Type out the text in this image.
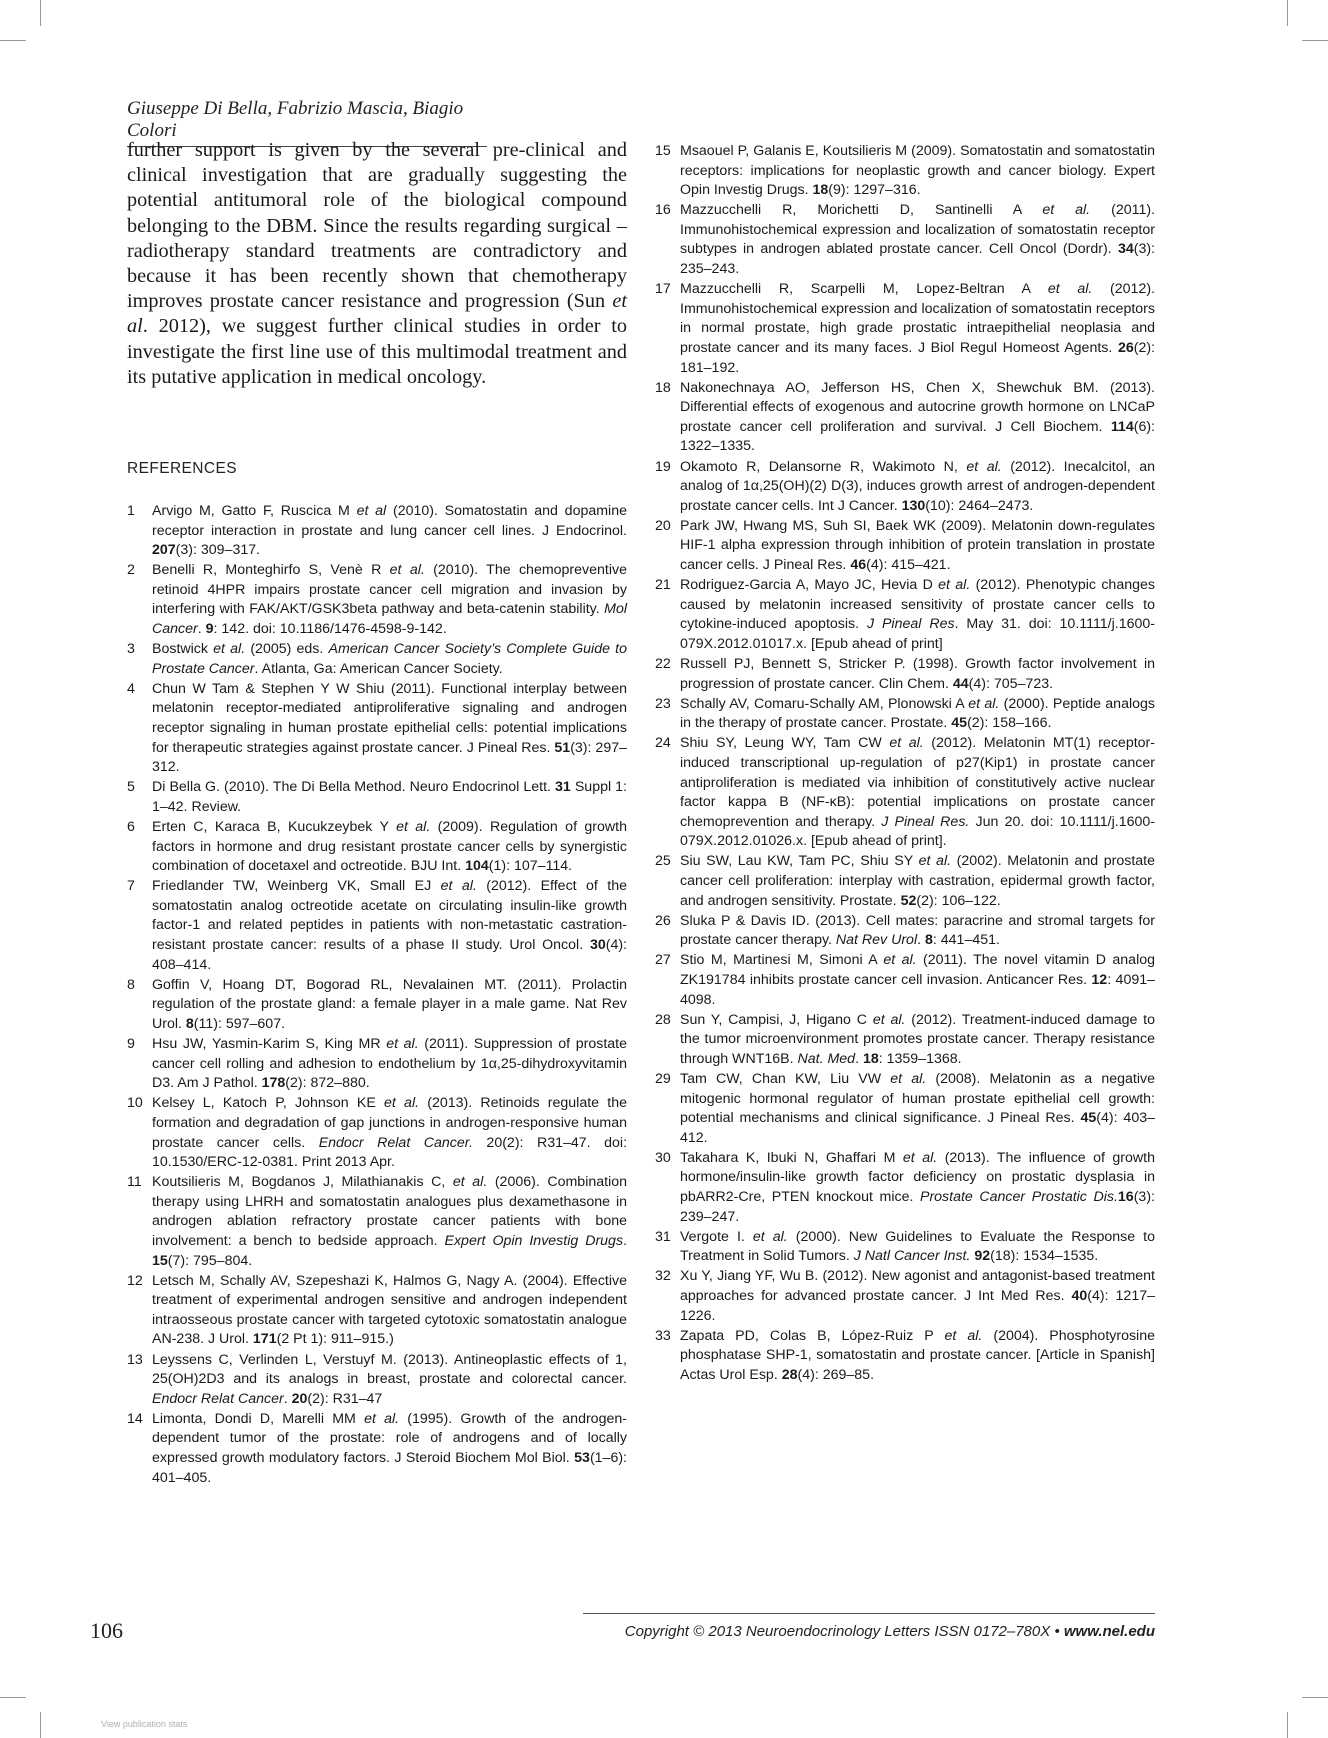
Giuseppe Di Bella, Fabrizio Mascia, Biagio Colori

further support is given by the several pre-clinical and clinical investigation that are gradually suggesting the potential antitumoral role of the biological compound belonging to the DBM. Since the results regarding surgical – radiotherapy standard treatments are contradictory and because it has been recently shown that chemotherapy improves prostate cancer resistance and progression (Sun et al. 2012), we suggest further clinical studies in order to investigate the first line use of this multimodal treatment and its putative application in medical oncology.

REFERENCES
1	Arvigo M, Gatto F, Ruscica M et al (2010). Somatostatin and dopamine receptor interaction in prostate and lung cancer cell lines. J Endocrinol. 207(3): 309–317.
2	Benelli R, Monteghirfo S, Venè R et al. (2010). The chemopreventive retinoid 4HPR impairs prostate cancer cell migration and invasion by interfering with FAK/AKT/GSK3beta pathway and beta-catenin stability. Mol Cancer. 9: 142. doi: 10.1186/1476-4598-9-142.
3	Bostwick et al. (2005) eds. American Cancer Society’s Complete Guide to Prostate Cancer. Atlanta, Ga: American Cancer Society.
4	Chun W Tam & Stephen Y W Shiu (2011). Functional interplay between melatonin receptor-mediated antiproliferative signaling and androgen receptor signaling in human prostate epithelial cells: potential implications for therapeutic strategies against prostate cancer. J Pineal Res. 51(3): 297–312.
5	Di Bella G. (2010). The Di Bella Method. Neuro Endocrinol Lett. 31 Suppl 1: 1–42. Review.
6	Erten C, Karaca B, Kucukzeybek Y et al. (2009). Regulation of growth factors in hormone and drug resistant prostate cancer cells by synergistic combination of docetaxel and octreotide. BJU Int. 104(1): 107–114.
7	Friedlander TW, Weinberg VK, Small EJ et al. (2012). Effect of the somatostatin analog octreotide acetate on circulating insulin-like growth factor-1 and related peptides in patients with non-metastatic castration-resistant prostate cancer: results of a phase II study. Urol Oncol. 30(4): 408–414.
8	Goffin V, Hoang DT, Bogorad RL, Nevalainen MT. (2011). Prolactin regulation of the prostate gland: a female player in a male game. Nat Rev Urol. 8(11): 597–607.
9	Hsu JW, Yasmin-Karim S, King MR et al. (2011). Suppression of prostate cancer cell rolling and adhesion to endothelium by 1α,25-dihydroxyvitamin D3. Am J Pathol. 178(2): 872–880.
10 Kelsey L, Katoch P, Johnson KE et al. (2013). Retinoids regulate the formation and degradation of gap junctions in androgen-responsive human prostate cancer cells. Endocr Relat Cancer. 20(2): R31–47. doi: 10.1530/ERC-12-0381. Print 2013 Apr.
11 Koutsilieris M, Bogdanos J, Milathianakis C, et al. (2006). Combination therapy using LHRH and somatostatin analogues plus dexamethasone in androgen ablation refractory prostate cancer patients with bone involvement: a bench to bedside approach. Expert Opin Investig Drugs. 15(7): 795–804.
12 Letsch M, Schally AV, Szepeshazi K, Halmos G, Nagy A. (2004). Effective treatment of experimental androgen sensitive and androgen independent intraosseous prostate cancer with targeted cytotoxic somatostatin analogue AN-238. J Urol. 171(2 Pt 1): 911–915.)
13 Leyssens C, Verlinden L, Verstuyf M. (2013). Antineoplastic effects of 1, 25(OH)2D3 and its analogs in breast, prostate and colorectal cancer. Endocr Relat Cancer. 20(2): R31–47
14 Limonta, Dondi D, Marelli MM et al. (1995). Growth of the androgen-dependent tumor of the prostate: role of androgens and of locally expressed growth modulatory factors. J Steroid Biochem Mol Biol. 53(1–6): 401–405.
15 Msaouel P, Galanis E, Koutsilieris M (2009). Somatostatin and somatostatin receptors: implications for neoplastic growth and cancer biology. Expert Opin Investig Drugs. 18(9): 1297–316.
16 Mazzucchelli R, Morichetti D, Santinelli A et al. (2011). Immunohistochemical expression and localization of somatostatin receptor subtypes in androgen ablated prostate cancer. Cell Oncol (Dordr). 34(3): 235–243.
17 Mazzucchelli R, Scarpelli M, Lopez-Beltran A et al. (2012). Immunohistochemical expression and localization of somatostatin receptors in normal prostate, high grade prostatic intraepithelial neoplasia and prostate cancer and its many faces. J Biol Regul Homeost Agents. 26(2): 181–192.
18 Nakonechnaya AO, Jefferson HS, Chen X, Shewchuk BM. (2013). Differential effects of exogenous and autocrine growth hormone on LNCaP prostate cancer cell proliferation and survival. J Cell Biochem. 114(6): 1322–1335.
19 Okamoto R, Delansorne R, Wakimoto N, et al. (2012). Inecalcitol, an analog of 1α,25(OH)(2) D(3), induces growth arrest of androgen-dependent prostate cancer cells. Int J Cancer. 130(10): 2464–2473.
20 Park JW, Hwang MS, Suh SI, Baek WK (2009). Melatonin down-regulates HIF-1 alpha expression through inhibition of protein translation in prostate cancer cells. J Pineal Res. 46(4): 415–421.
21 Rodriguez-Garcia A, Mayo JC, Hevia D et al. (2012). Phenotypic changes caused by melatonin increased sensitivity of prostate cancer cells to cytokine-induced apoptosis. J Pineal Res. May 31. doi: 10.1111/j.1600-079X.2012.01017.x. [Epub ahead of print]
22 Russell PJ, Bennett S, Stricker P. (1998). Growth factor involvement in progression of prostate cancer. Clin Chem. 44(4): 705–723.
23 Schally AV, Comaru-Schally AM, Plonowski A et al. (2000). Peptide analogs in the therapy of prostate cancer. Prostate. 45(2): 158–166.
24 Shiu SY, Leung WY, Tam CW et al. (2012). Melatonin MT(1) receptor-induced transcriptional up-regulation of p27(Kip1) in prostate cancer antiproliferation is mediated via inhibition of constitutively active nuclear factor kappa B (NF-κB): potential implications on prostate cancer chemoprevention and therapy. J Pineal Res. Jun 20. doi: 10.1111/j.1600-079X.2012.01026.x. [Epub ahead of print].
25 Siu SW, Lau KW, Tam PC, Shiu SY et al. (2002). Melatonin and prostate cancer cell proliferation: interplay with castration, epidermal growth factor, and androgen sensitivity. Prostate. 52(2): 106–122.
26 Sluka P & Davis ID. (2013). Cell mates: paracrine and stromal targets for prostate cancer therapy. Nat Rev Urol. 8: 441–451.
27 Stio M, Martinesi M, Simoni A et al. (2011). The novel vitamin D analog ZK191784 inhibits prostate cancer cell invasion. Anticancer Res. 12: 4091–4098.
28 Sun Y, Campisi, J, Higano C et al. (2012). Treatment-induced damage to the tumor microenvironment promotes prostate cancer. Therapy resistance through WNT16B. Nat. Med. 18: 1359–1368.
29 Tam CW, Chan KW, Liu VW et al. (2008). Melatonin as a negative mitogenic hormonal regulator of human prostate epithelial cell growth: potential mechanisms and clinical significance. J Pineal Res. 45(4): 403–412.
30 Takahara K, Ibuki N, Ghaffari M et al. (2013). The influence of growth hormone/insulin-like growth factor deficiency on prostatic dysplasia in pbARR2-Cre, PTEN knockout mice. Prostate Cancer Prostatic Dis.16(3): 239–247.
31 Vergote I. et al. (2000). New Guidelines to Evaluate the Response to Treatment in Solid Tumors. J Natl Cancer Inst. 92(18): 1534–1535.
32 Xu Y, Jiang YF, Wu B. (2012). New agonist and antagonist-based treatment approaches for advanced prostate cancer. J Int Med Res. 40(4): 1217–1226.
33 Zapata PD, Colas B, López-Ruiz P et al. (2004). Phosphotyrosine phosphatase SHP-1, somatostatin and prostate cancer. [Article in Spanish] Actas Urol Esp. 28(4): 269–85.
106	Copyright © 2013 Neuroendocrinology Letters ISSN 0172–780X • www.nel.edu
View publication stats
